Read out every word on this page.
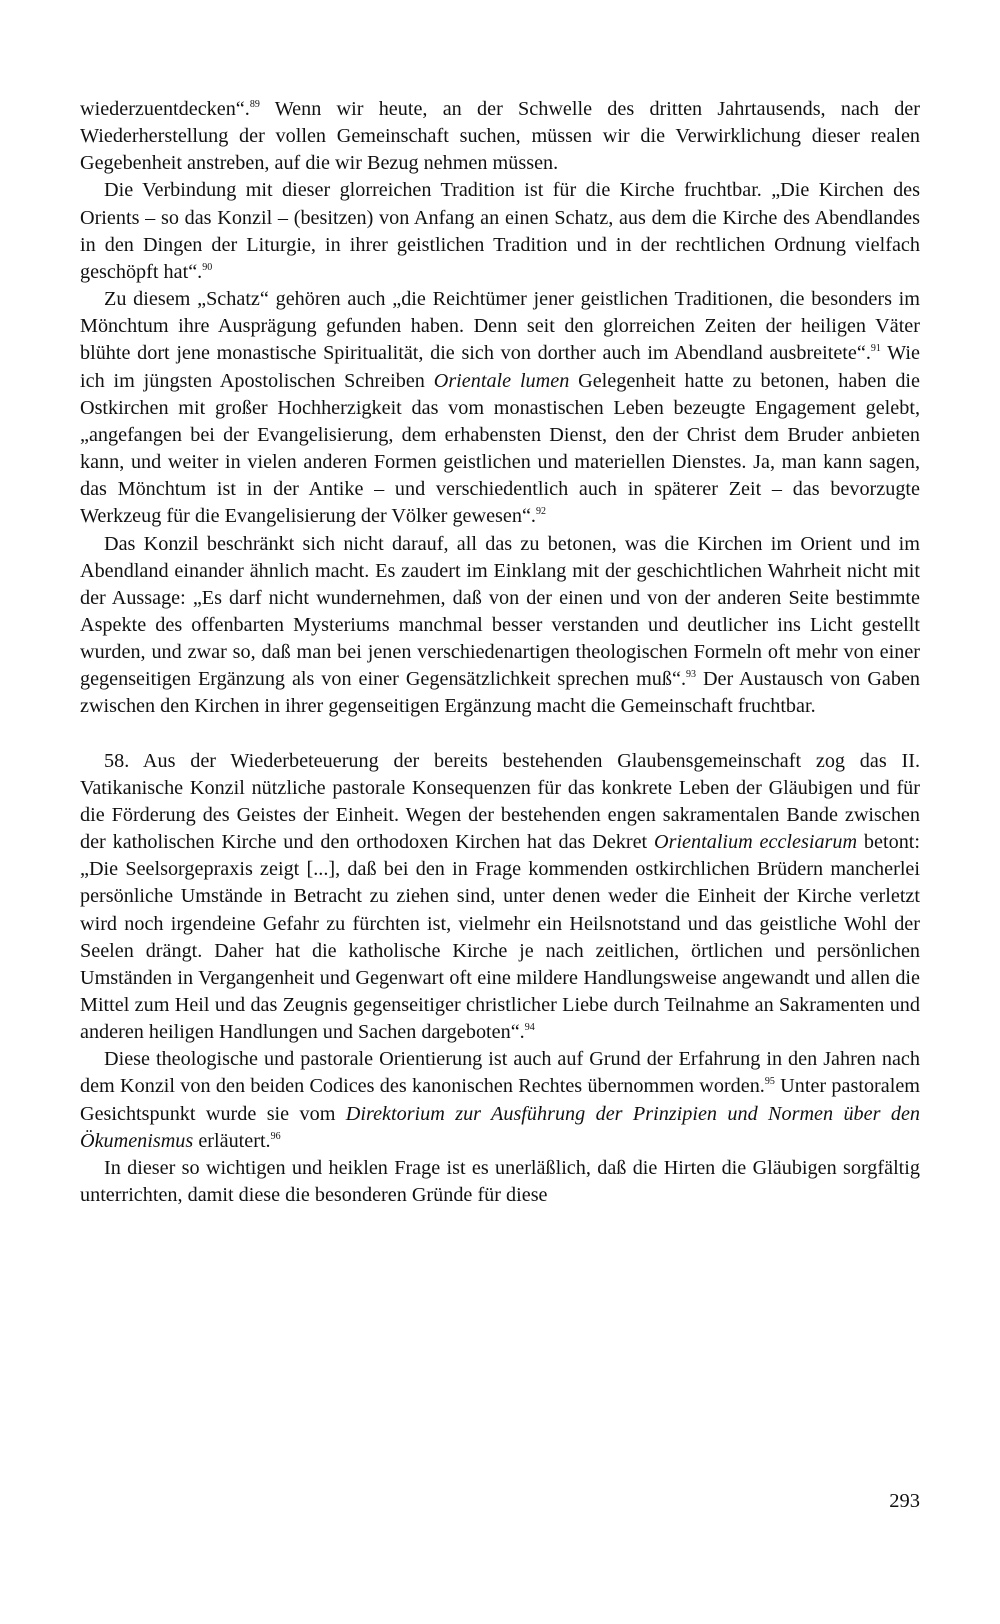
wiederzuentdecken“.$^{89}$ Wenn wir heute, an der Schwelle des dritten Jahrtausends, nach der Wiederherstellung der vollen Gemeinschaft suchen, müssen wir die Verwirklichung dieser realen Gegebenheit anstreben, auf die wir Bezug nehmen müssen.

Die Verbindung mit dieser glorreichen Tradition ist für die Kirche fruchtbar. „Die Kirchen des Orients – so das Konzil – (besitzen) von Anfang an einen Schatz, aus dem die Kirche des Abendlandes in den Dingen der Liturgie, in ihrer geistlichen Tradition und in der rechtlichen Ordnung vielfach geschöpft hat“.$^{90}$

Zu diesem „Schatz“ gehören auch „die Reichtümer jener geistlichen Traditionen, die besonders im Mönchtum ihre Ausprägung gefunden haben. Denn seit den glorreichen Zeiten der heiligen Väter blühte dort jene monastische Spiritualität, die sich von dorther auch im Abendland ausbreitete“.$^{91}$ Wie ich im jüngsten Apostolischen Schreiben Orientale lumen Gelegenheit hatte zu betonen, haben die Ostkirchen mit großer Hochherzigkeit das vom monastischen Leben bezeugte Engagement gelebt, „angefangen bei der Evangelisierung, dem erhabensten Dienst, den der Christ dem Bruder anbieten kann, und weiter in vielen anderen Formen geistlichen und materiellen Dienstes. Ja, man kann sagen, das Mönchtum ist in der Antike – und verschiedentlich auch in späterer Zeit – das bevorzugte Werkzeug für die Evangelisierung der Völker gewesen“.$^{92}$

Das Konzil beschränkt sich nicht darauf, all das zu betonen, was die Kirchen im Orient und im Abendland einander ähnlich macht. Es zaudert im Einklang mit der geschichtlichen Wahrheit nicht mit der Aussage: „Es darf nicht wundernehmen, daß von der einen und von der anderen Seite bestimmte Aspekte des offenbarten Mysteriums manchmal besser verstanden und deutlicher ins Licht gestellt wurden, und zwar so, daß man bei jenen verschiedenartigen theologischen Formeln oft mehr von einer gegenseitigen Ergänzung als von einer Gegensätzlichkeit sprechen muß“.$^{93}$ Der Austausch von Gaben zwischen den Kirchen in ihrer gegenseitigen Ergänzung macht die Gemeinschaft fruchtbar.

58. Aus der Wiederbeteuerung der bereits bestehenden Glaubensgemeinschaft zog das II. Vatikanische Konzil nützliche pastorale Konsequenzen für das konkrete Leben der Gläubigen und für die Förderung des Geistes der Einheit. Wegen der bestehenden engen sakramentalen Bande zwischen der katholischen Kirche und den orthodoxen Kirchen hat das Dekret Orientalium ecclesiarum betont: „Die Seelsorgepraxis zeigt [...], daß bei den in Frage kommenden ostkirchlichen Brüdern mancherlei persönliche Umstände in Betracht zu ziehen sind, unter denen weder die Einheit der Kirche verletzt wird noch irgendeine Gefahr zu fürchten ist, vielmehr ein Heilsnotstand und das geistliche Wohl der Seelen drängt. Daher hat die katholische Kirche je nach zeitlichen, örtlichen und persönlichen Umständen in Vergangenheit und Gegenwart oft eine mildere Handlungsweise angewandt und allen die Mittel zum Heil und das Zeugnis gegenseitiger christlicher Liebe durch Teilnahme an Sakramenten und anderen heiligen Handlungen und Sachen dargeboten“.$^{94}$

Diese theologische und pastorale Orientierung ist auch auf Grund der Erfahrung in den Jahren nach dem Konzil von den beiden Codices des kanonischen Rechtes übernommen worden.$^{95}$ Unter pastoralem Gesichtspunkt wurde sie vom Direktorium zur Ausführung der Prinzipien und Normen über den Ökumenismus erläutert.$^{96}$

In dieser so wichtigen und heiklen Frage ist es unerläßlich, daß die Hirten die Gläubigen sorgfältig unterrichten, damit diese die besonderen Gründe für diese

293
